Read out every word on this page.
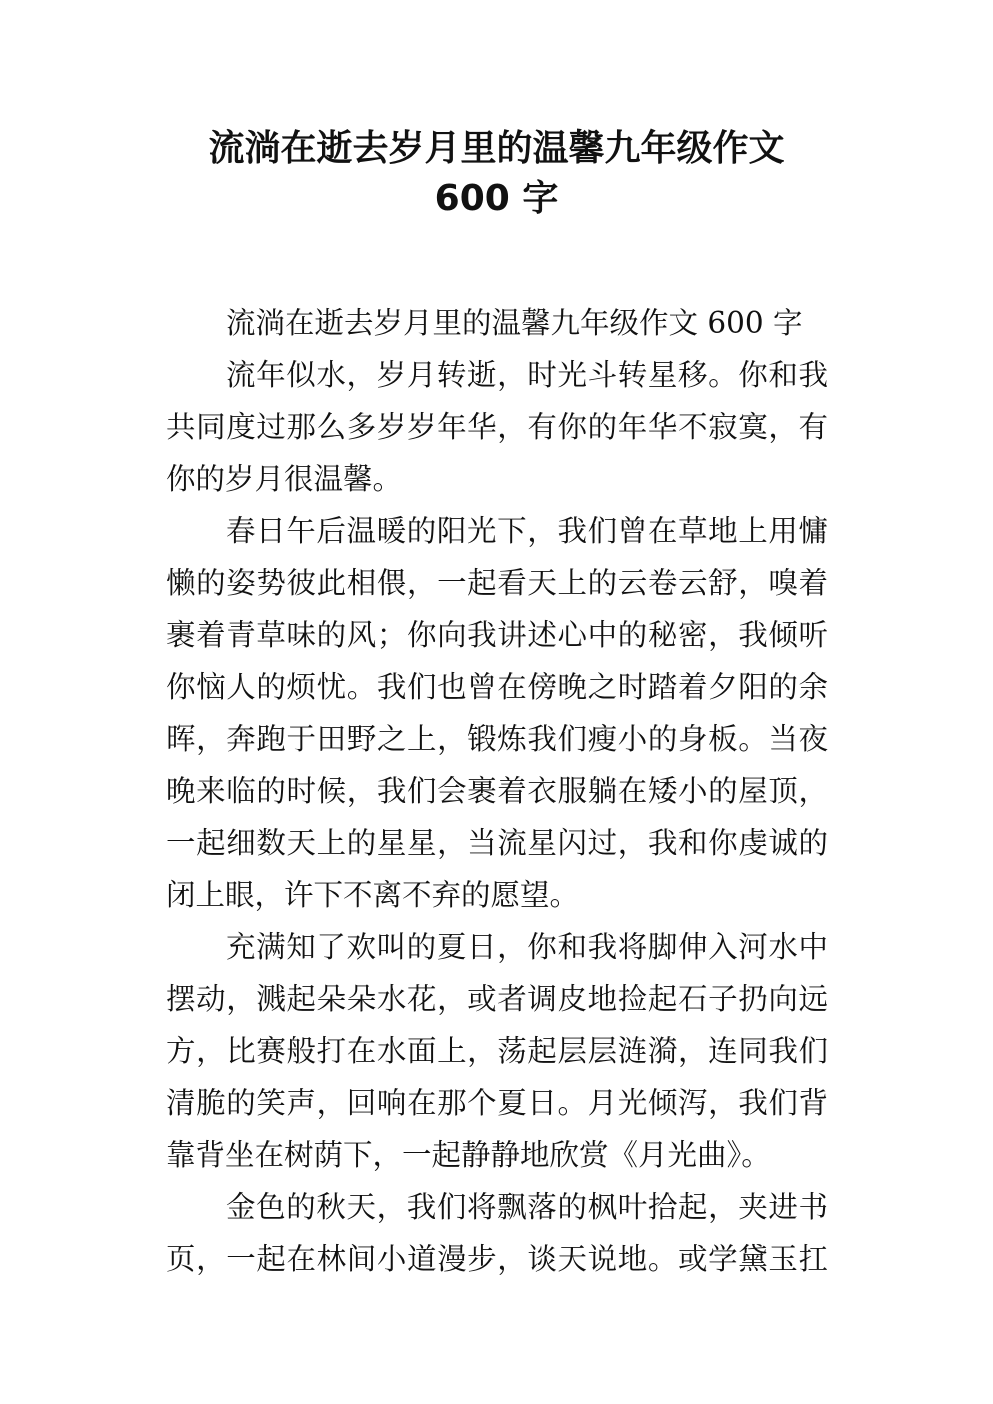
流淌在逝去岁月里的温馨九年级作文
600 字
流淌在逝去岁月里的温馨九年级作文 600 字
流年似水，岁月转逝，时光斗转星移。你和我
共同度过那么多岁岁年华，有你的年华不寂寞，有
你的岁月很温馨。
春日午后温暖的阳光下，我们曾在草地上用慵
懒的姿势彼此相偎，一起看天上的云卷云舒，嗅着
裹着青草味的风；你向我讲述心中的秘密，我倾听
你恼人的烦忧。我们也曾在傍晚之时踏着夕阳的余
晖，奔跑于田野之上，锻炼我们瘦小的身板。当夜
晚来临的时候，我们会裹着衣服躺在矮小的屋顶，
一起细数天上的星星，当流星闪过，我和你虔诚的
闭上眼，许下不离不弃的愿望。
充满知了欢叫的夏日，你和我将脚伸入河水中
摆动，溅起朵朵水花，或者调皮地捡起石子扔向远
方，比赛般打在水面上，荡起层层涟漪，连同我们
清脆的笑声，回响在那个夏日。月光倾泻，我们背
靠背坐在树荫下，一起静静地欣赏《月光曲》。
金色的秋天，我们将飘落的枫叶拾起，夹进书
页，一起在林间小道漫步，谈天说地。或学黛玉扛
